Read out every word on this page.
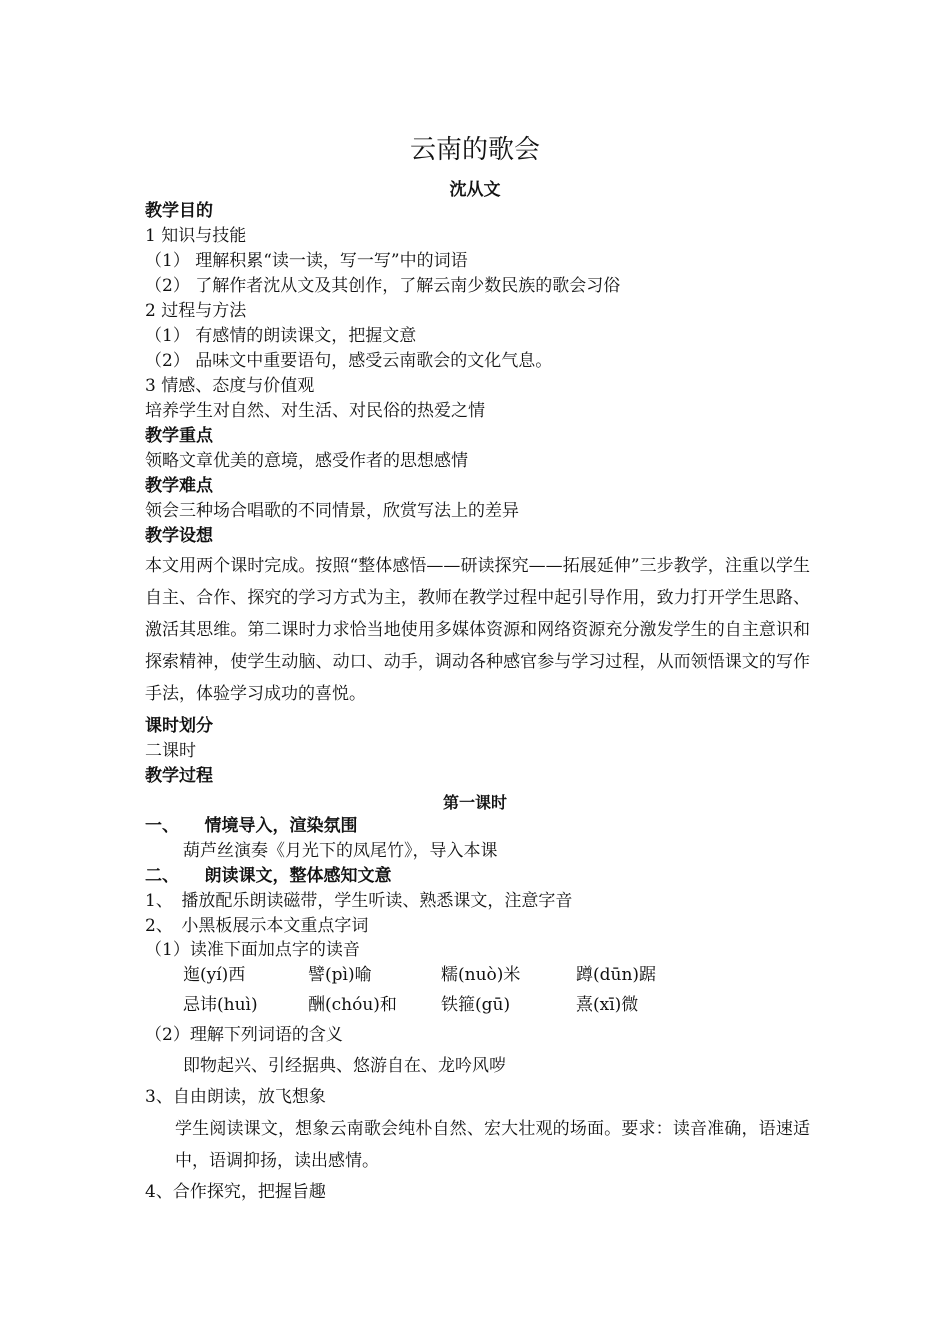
云南的歌会
沈从文
教学目的
1 知识与技能
（1） 理解积累“读一读，写一写”中的词语
（2） 了解作者沈从文及其创作，了解云南少数民族的歌会习俗
2 过程与方法
（1） 有感情的朗读课文，把握文意
（2） 品味文中重要语句，感受云南歌会的文化气息。
3 情感、态度与价值观
培养学生对自然、对生活、对民俗的热爱之情
教学重点
领略文章优美的意境，感受作者的思想感情
教学难点
领会三种场合唱歌的不同情景，欣赏写法上的差异
教学设想
本文用两个课时完成。按照“整体感悟——研读探究——拓展延伸”三步教学，注重以学生自主、合作、探究的学习方式为主，教师在教学过程中起引导作用，致力打开学生思路、激活其思维。第二课时力求恰当地使用多媒体资源和网络资源充分激发学生的自主意识和探索精神，使学生动脑、动口、动手，调动各种感官参与学习过程，从而领悟课文的写作手法，体验学习成功的喜悦。
课时划分
二课时
教学过程
第一课时
一、　　情境导入，渲染氛围
葫芦丝演奏《月光下的凤尾竹》，导入本课
二、　　朗读课文，整体感知文意
1、　播放配乐朗读磁带，学生听读、熟悉课文，注意字音
2、　小黑板展示本文重点字词
（1）读准下面加点字的读音
迤(yí)西	譬(pì)喻	糯(nuò)米	蹲(dūn)踞
忌讳(huì)	酬(chóu)和	铁箍(gū)	熹(xī)微
（2）理解下列词语的含义
即物起兴、引经据典、悠游自在、龙吟风哕
3、自由朗读，放飞想象
学生阅读课文，想象云南歌会纯朴自然、宏大壮观的场面。要求：读音准确，语速适中，语调抑扬，读出感情。
4、合作探究，把握旨趣
